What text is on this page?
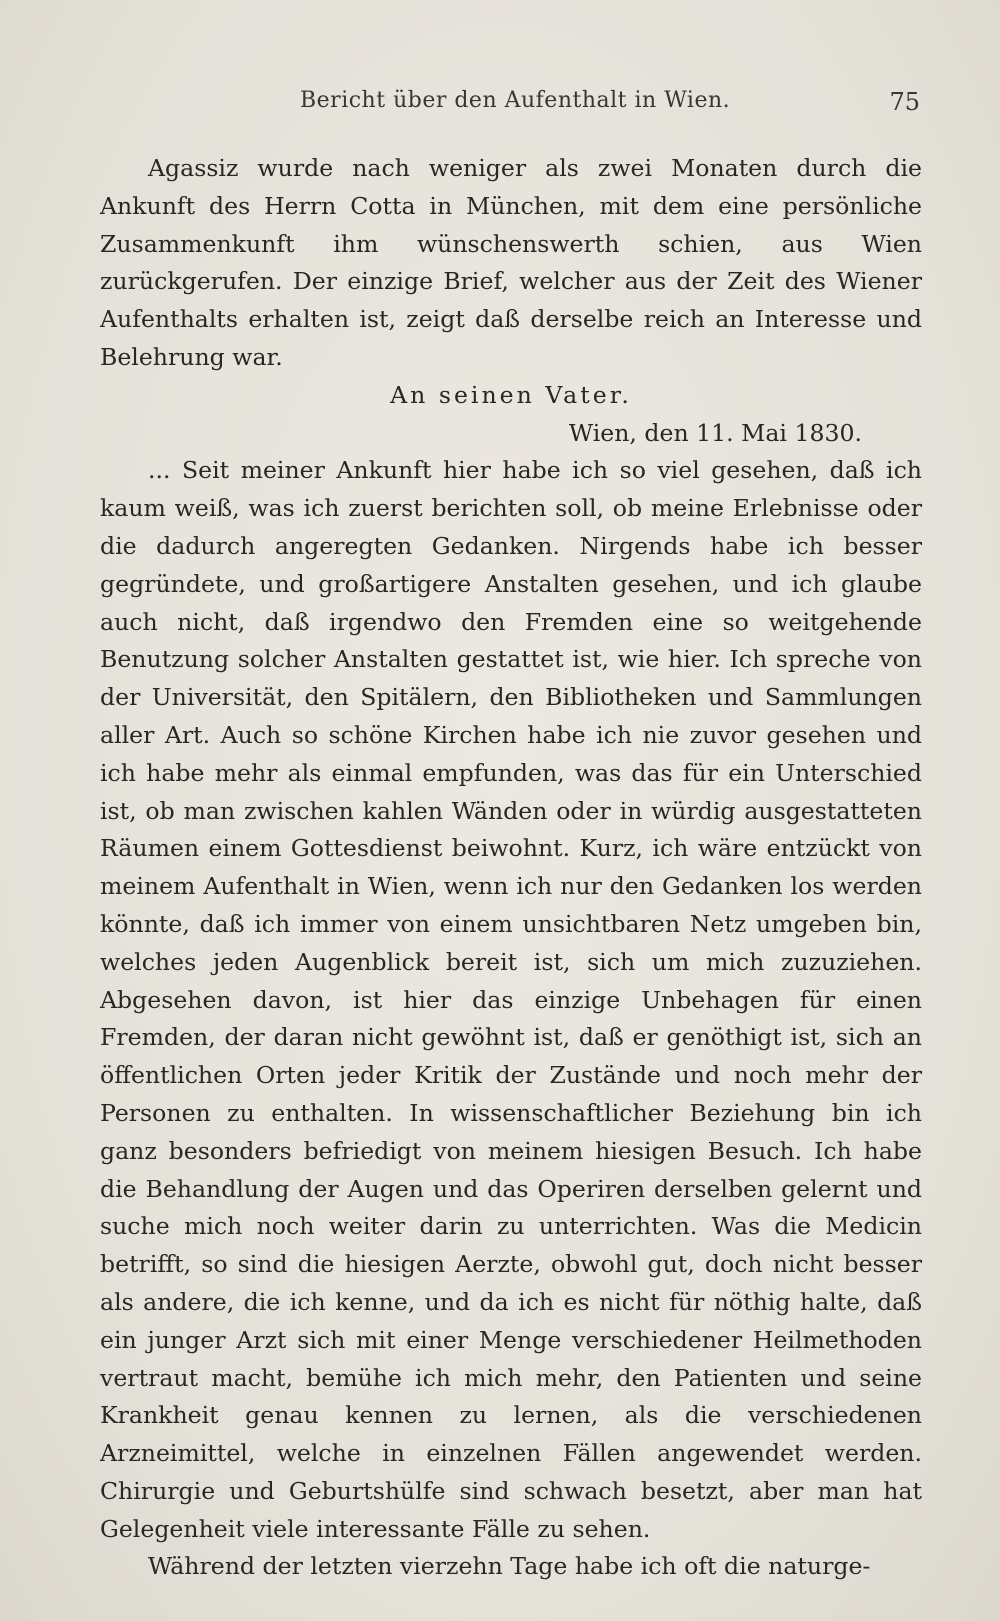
Bericht über den Aufenthalt in Wien.	75

Agassiz wurde nach weniger als zwei Monaten durch die Ankunft des Herrn Cotta in München, mit dem eine persönliche Zusammenkunft ihm wünschenswerth schien, aus Wien zurückgerufen. Der einzige Brief, welcher aus der Zeit des Wiener Aufenthalts erhalten ist, zeigt daß derselbe reich an Interesse und Belehrung war.

An seinen Vater.
Wien, den 11. Mai 1830.

... Seit meiner Ankunft hier habe ich so viel gesehen, daß ich kaum weiß, was ich zuerst berichten soll, ob meine Erlebnisse oder die dadurch angeregten Gedanken. Nirgends habe ich besser gegründete, und großartigere Anstalten gesehen, und ich glaube auch nicht, daß irgendwo den Fremden eine so weitgehende Benutzung solcher Anstalten gestattet ist, wie hier. Ich spreche von der Universität, den Spitälern, den Bibliotheken und Sammlungen aller Art. Auch so schöne Kirchen habe ich nie zuvor gesehen und ich habe mehr als einmal empfunden, was das für ein Unterschied ist, ob man zwischen kahlen Wänden oder in würdig ausgestatteten Räumen einem Gottesdienst beiwohnt. Kurz, ich wäre entzückt von meinem Aufenthalt in Wien, wenn ich nur den Gedanken los werden könnte, daß ich immer von einem unsichtbaren Netz umgeben bin, welches jeden Augenblick bereit ist, sich um mich zuzuziehen. Abgesehen davon, ist hier das einzige Unbehagen für einen Fremden, der daran nicht gewöhnt ist, daß er genöthigt ist, sich an öffentlichen Orten jeder Kritik der Zustände und noch mehr der Personen zu enthalten. In wissenschaftlicher Beziehung bin ich ganz besonders befriedigt von meinem hiesigen Besuch. Ich habe die Behandlung der Augen und das Operiren derselben gelernt und suche mich noch weiter darin zu unterrichten. Was die Medicin betrifft, so sind die hiesigen Aerzte, obwohl gut, doch nicht besser als andere, die ich kenne, und da ich es nicht für nöthig halte, daß ein junger Arzt sich mit einer Menge verschiedener Heilmethoden vertraut macht, bemühe ich mich mehr, den Patienten und seine Krankheit genau kennen zu lernen, als die verschiedenen Arzneimittel, welche in einzelnen Fällen angewendet werden. Chirurgie und Geburtshülfe sind schwach besetzt, aber man hat Gelegenheit viele interessante Fälle zu sehen.

Während der letzten vierzehn Tage habe ich oft die naturge-
